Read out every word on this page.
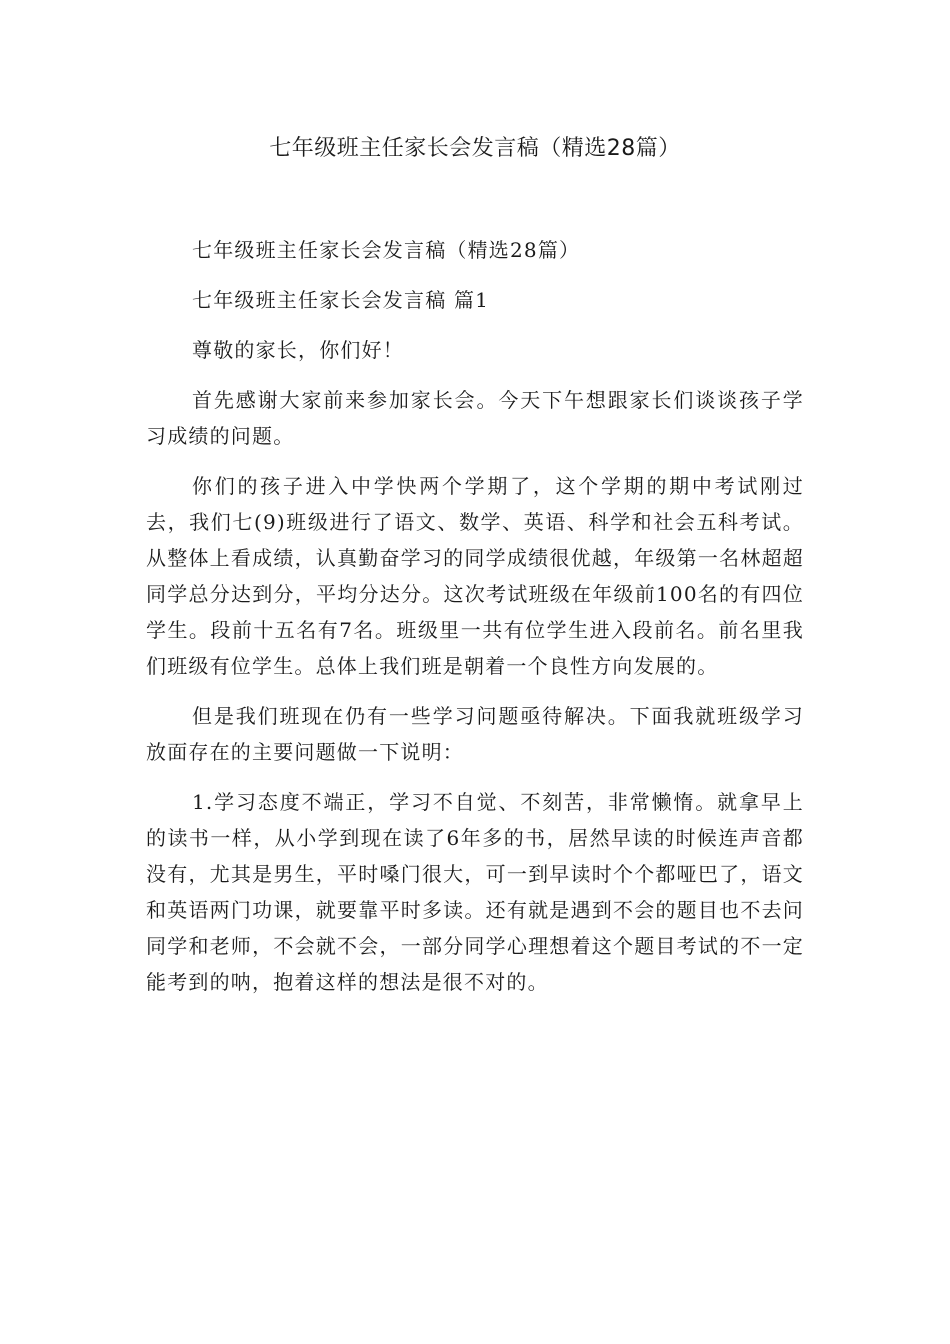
七年级班主任家长会发言稿（精选28篇）

七年级班主任家长会发言稿（精选28篇）

七年级班主任家长会发言稿 篇1

尊敬的家长，你们好！

首先感谢大家前来参加家长会。今天下午想跟家长们谈谈孩子学习成绩的问题。

你们的孩子进入中学快两个学期了，这个学期的期中考试刚过去，我们七(9)班级进行了语文、数学、英语、科学和社会五科考试。从整体上看成绩，认真勤奋学习的同学成绩很优越，年级第一名林超超同学总分达到分，平均分达分。这次考试班级在年级前100名的有四位学生。段前十五名有7名。班级里一共有位学生进入段前名。前名里我们班级有位学生。总体上我们班是朝着一个良性方向发展的。

但是我们班现在仍有一些学习问题亟待解决。下面我就班级学习放面存在的主要问题做一下说明：

1.学习态度不端正，学习不自觉、不刻苦，非常懒惰。就拿早上的读书一样，从小学到现在读了6年多的书，居然早读的时候连声音都没有，尤其是男生，平时嗓门很大，可一到早读时个个都哑巴了，语文和英语两门功课，就要靠平时多读。还有就是遇到不会的题目也不去问同学和老师，不会就不会，一部分同学心理想着这个题目考试的不一定能考到的呐，抱着这样的想法是很不对的。
